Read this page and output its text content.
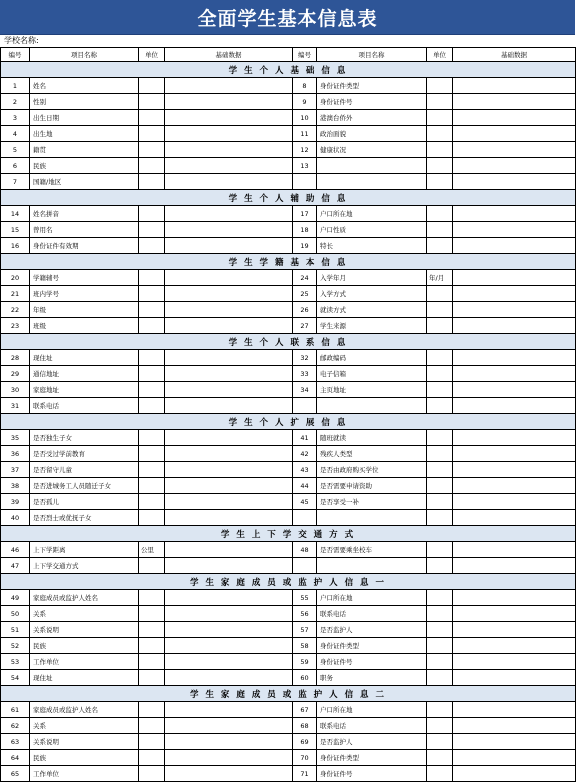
全面学生基本信息表
学校名称:
编号	项目名称	单位	基础数据	编号	项目名称	单位	基础数据
学 生 个 人 基 础 信 息							
1	姓名			8	身份证件类型		
2	性别			9	身份证件号		
3	出生日期			10	港澳台侨外		
4	出生地			11	政治面貌		
5	籍贯			12	健康状况		
6	民族			13			
7	国籍/地区						
学 生 个 人 辅 助 信 息							
14	姓名拼音			17	户口所在地		
15	曾用名			18	户口性质		
16	身份证件有效期			19	特长		
学 生 学 籍 基 本 信 息							
20	学籍辅号			24	入学年月	年/月	
21	班内学号			25	入学方式		
22	年级			26	就读方式		
23	班级			27	学生来源		
学 生 个 人 联 系 信 息							
28	现住址			32	邮政编码		
29	通信地址			33	电子信箱		
30	家庭地址			34	主页地址		
31	联系电话						
学 生 个 人 扩 展 信 息							
35	是否独生子女			41	随班就读		
36	是否受过学前教育			42	残疾人类型		
37	是否留守儿童			43	是否由政府购买学位		
38	是否进城务工人员随迁子女			44	是否需要申请资助		
39	是否孤儿			45	是否享受一补		
40	是否烈士或优抚子女						
学 生 上 下 学 交 通 方 式							
46	上下学距离	公里		48	是否需要乘坐校车		
47	上下学交通方式						
学 生 家 庭 成 员 或 监 护 人 信 息 一							
49	家庭成员或监护人姓名			55	户口所在地		
50	关系			56	联系电话		
51	关系说明			57	是否监护人		
52	民族			58	身份证件类型		
53	工作单位			59	身份证件号		
54	现住址			60	职务		
学 生 家 庭 成 员 或 监 护 人 信 息 二							
61	家庭成员或监护人姓名			67	户口所在地		
62	关系			68	联系电话		
63	关系说明			69	是否监护人		
64	民族			70	身份证件类型		
65	工作单位			71	身份证件号		
